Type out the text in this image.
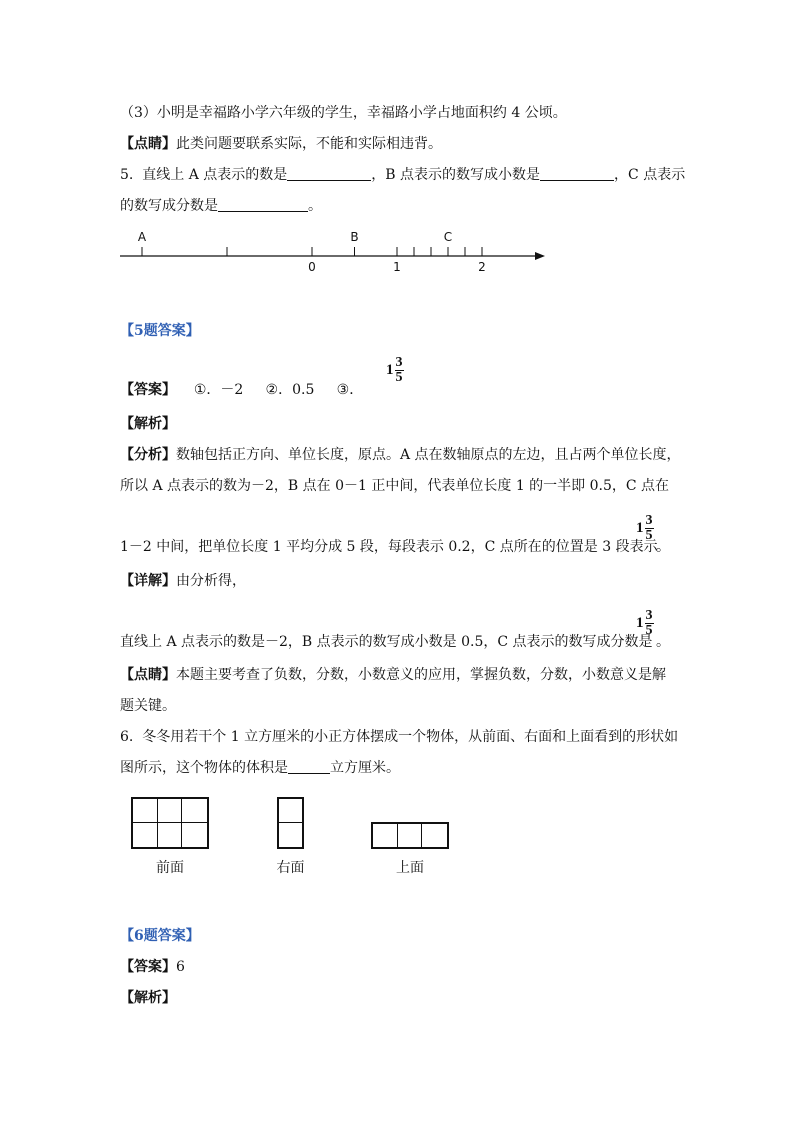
（3）小明是幸福路小学六年级的学生，幸福路小学占地面积约 4 公顷。
【点睛】此类问题要联系实际，不能和实际相违背。
5. 直线上 A 点表示的数是	，B 点表示的数写成小数是	，C 点表示
的数写成分数是	。
0	1	2
A	B	C
【5题答案】
【答案】 ①．－2 ②．0.5 ③．
$1 \frac{3}{5}$
【解析】
【分析】数轴包括正方向、单位长度，原点。A 点在数轴原点的左边，且占两个单位长度，
所以 A 点表示的数为－2，B 点在 0－1 正中间，代表单位长度 1 的一半即 0.5，C 点在
1－2 中间，把单位长度 1 平均分成 5 段，每段表示 0.2，C 点所在的位置是 3 段表示
$1 \frac{3}{5}$
。
【详解】由分析得，
直线上 A 点表示的数是－2，B 点表示的数写成小数是 0.5，C 点表示的数写成分数是
$1 \frac{3}{5}$
。
【点睛】本题主要考查了负数，分数，小数意义的应用，掌握负数，分数，小数意义是解
题关键。
6. 冬冬用若干个 1 立方厘米的小正方体摆成一个物体，从前面、右面和上面看到的形状如
图所示，这个物体的体积是	立方厘米。
前面	右面	上面
【6题答案】
【答案】6
【解析】
